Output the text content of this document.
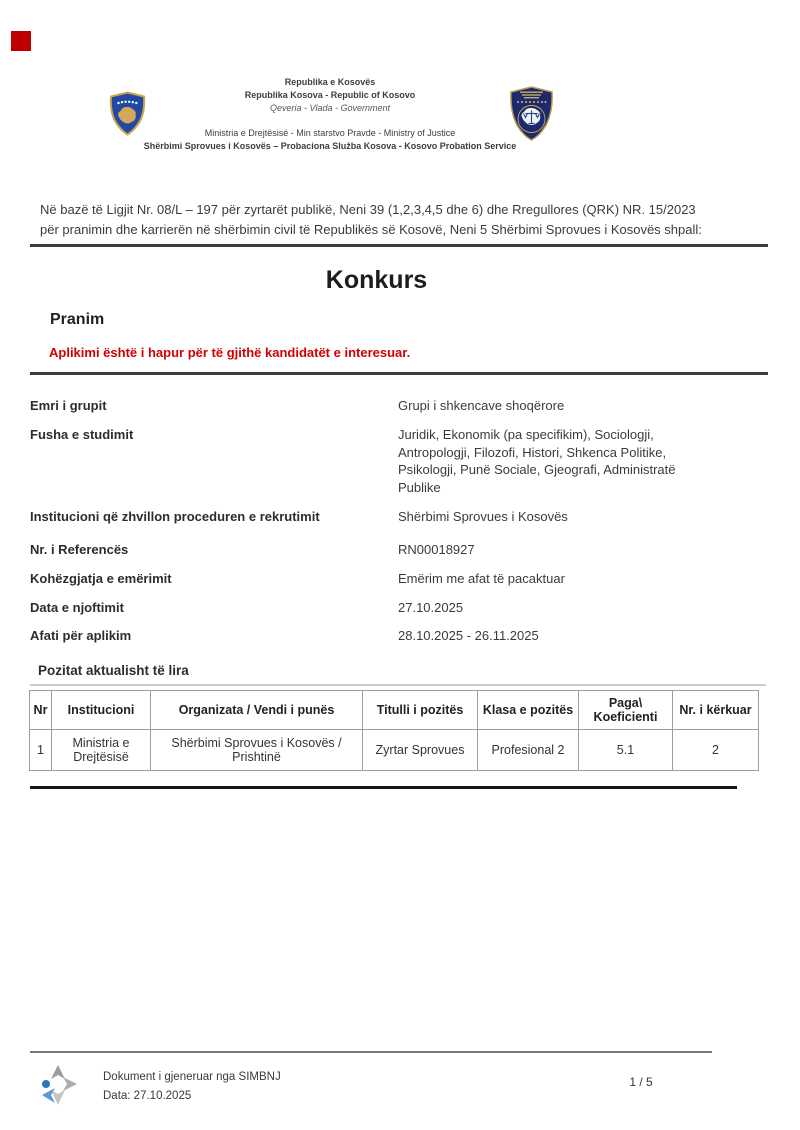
Republika e Kosovës
Republika Kosova - Republic of Kosovo
Qeveria - Vlada - Government
Ministria e Drejtësisë - Min starstvo Pravde - Ministry of Justice
Shërbimi Sprovues i Kosovës – Probaciona Služba Kosova - Kosovo Probation Service
Në bazë të Ligjit Nr. 08/L – 197 për zyrtarët publikë, Neni 39 (1,2,3,4,5 dhe 6) dhe Rregullores (QRK) NR. 15/2023
për pranimin dhe karrierën në shërbimin civil të Republikës së Kosovë, Neni 5 Shërbimi Sprovues i Kosovës shpall:
Konkurs
Pranim
Aplikimi është i hapur për të gjithë kandidatët e interesuar.
Emri i grupit	Grupi i shkencave shoqërore
Fusha e studimit	Juridik, Ekonomik (pa specifikim), Sociologji,
Antropologji, Filozofi, Histori, Shkenca Politike,
Psikologji, Punë Sociale, Gjeografi, Administratë
Publike
Institucioni që zhvillon proceduren e rekrutimit	Shërbimi Sprovues i Kosovës
Nr. i Referencës	RN00018927
Kohëzgjatja e emërimit	Emërim me afat të pacaktuar
Data e njoftimit	27.10.2025
Afati për aplikim	28.10.2025 - 26.11.2025
Pozitat aktualisht të lira
Nr	Institucioni	Organizata / Vendi i punës	Titulli i pozitës	Klasa e pozitës	Paga\ Koeficienti	Nr. i kërkuar
1	Ministria e Drejtësisë	Shërbimi Sprovues i Kosovës / Prishtinë	Zyrtar Sprovues	Profesional 2	5.1	2
Dokument i gjeneruar nga SIMBNJ
Data: 27.10.2025
1 / 5
